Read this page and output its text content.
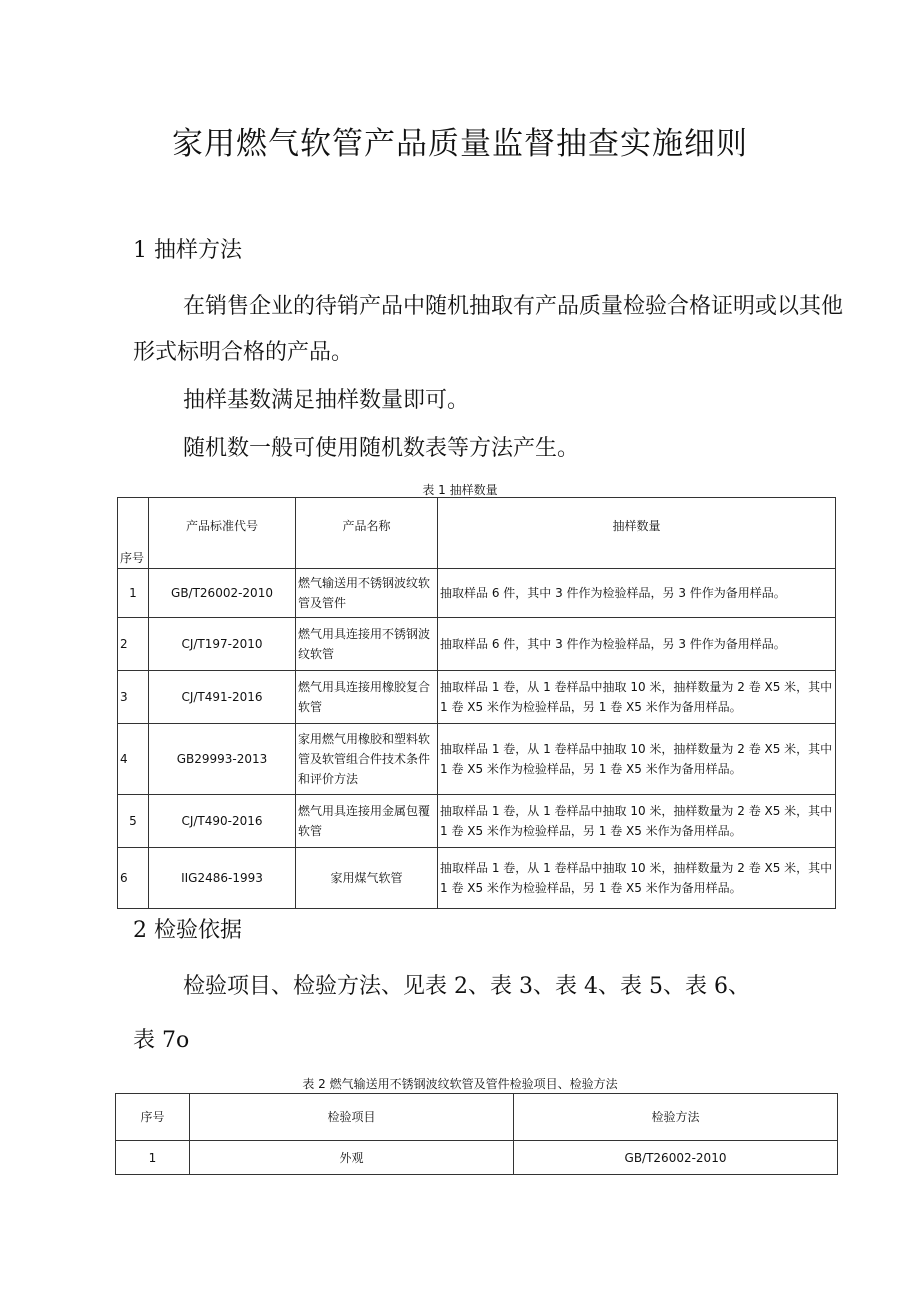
家用燃气软管产品质量监督抽查实施细则
1 抽样方法
在销售企业的待销产品中随机抽取有产品质量检验合格证明或以其他形式标明合格的产品。
抽样基数满足抽样数量即可。
随机数一般可使用随机数表等方法产生。
表 1 抽样数量
序号	产品标准代号	产品名称	抽样数量
1	GB/T26002-2010	燃气输送用不锈钢波纹软管及管件	抽取样品 6 件，其中 3 件作为检验样品，另 3 件作为备用样品。
2	CJ/T197-2010	燃气用具连接用不锈钢波纹软管	抽取样品 6 件，其中 3 件作为检验样品，另 3 件作为备用样品。
3	CJ/T491-2016	燃气用具连接用橡胶复合软管	抽取样品 1 卷，从 1 卷样品中抽取 10 米，抽样数量为 2 卷 X5 米，其中 1 卷 X5 米作为检验样品，另 1 卷 X5 米作为备用样品。
4	GB29993-2013	家用燃气用橡胶和塑料软管及软管组合件技术条件和评价方法	抽取样品 1 卷，从 1 卷样品中抽取 10 米，抽样数量为 2 卷 X5 米，其中 1 卷 X5 米作为检验样品，另 1 卷 X5 米作为备用样品。
5	CJ/T490-2016	燃气用具连接用金属包覆软管	抽取样品 1 卷，从 1 卷样品中抽取 10 米，抽样数量为 2 卷 X5 米，其中 1 卷 X5 米作为检验样品，另 1 卷 X5 米作为备用样品。
6	IIG2486-1993	家用煤气软管	抽取样品 1 卷，从 1 卷样品中抽取 10 米，抽样数量为 2 卷 X5 米，其中 1 卷 X5 米作为检验样品，另 1 卷 X5 米作为备用样品。
2 检验依据
检验项目、检验方法、见表 2、表 3、表 4、表 5、表 6、
表 7o
表 2 燃气输送用不锈钢波纹软管及管件检验项目、检验方法
序号	检验项目	检验方法
1	外观	GB/T26002-2010
